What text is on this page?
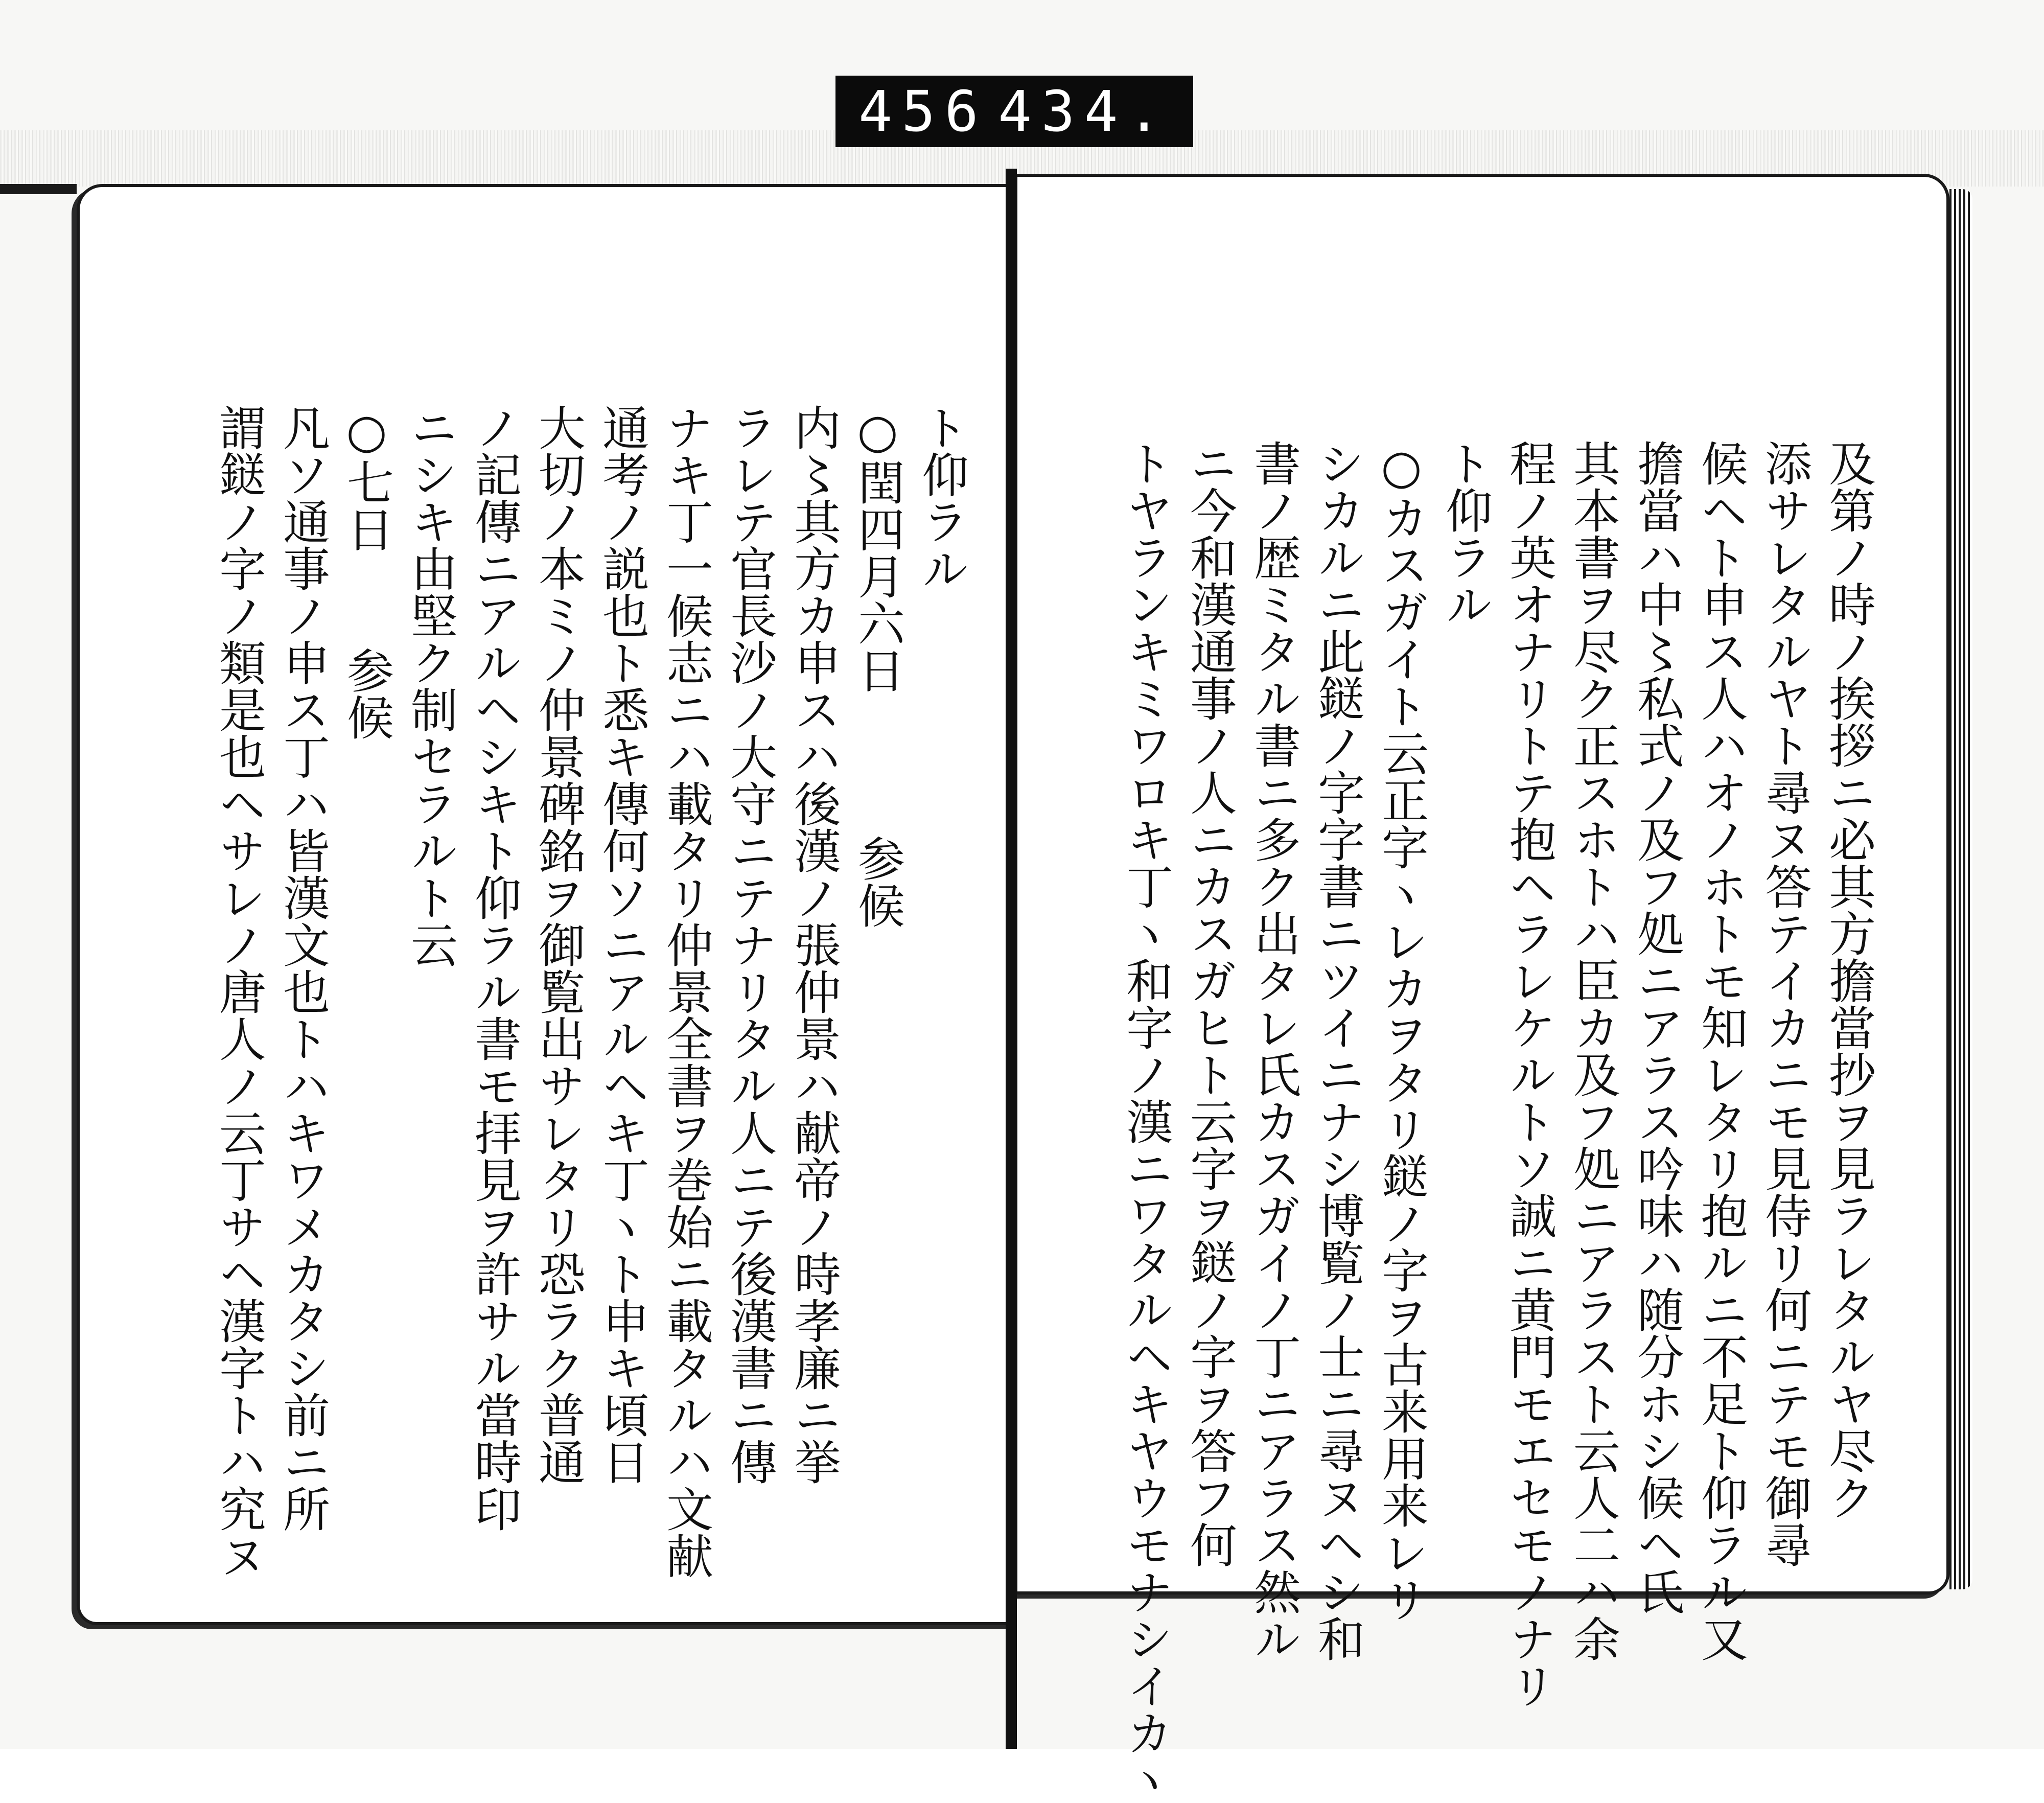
456 434.
及第ノ時ノ挨拶ニ必其方擔當抄ヲ見ラレタルヤ尽ク
添サレタルヤト尋ヌ答テイカニモ見侍リ何ニテモ御尋
候ヘト申ス人ハオノホトモ知レタリ抱ルニ不足ト仰ラル又
擔當ハ中〻私式ノ及フ処ニアラス吟味ハ随分ホシ候ヘ氏
其本書ヲ尽ク正スホトハ臣カ及フ処ニアラスト云人二ハ余
程ノ英オナリトテ抱ヘラレケルトソ誠ニ黄門モエセモノナリ
ト仰ラル
○カスガイト云正字ヽレカヲタリ鎹ノ字ヲ古来用来レリ
シカルニ此鎹ノ字字書ニツイニナシ博覧ノ士ニ尋ヌヘシ和
書ノ歴ミタル書ニ多ク出タレ氏カスガイノ丁ニアラス然ル
ニ今和漢通事ノ人ニカスガヒト云字ヲ鎹ノ字ヲ答フ何
トヤランキミワロキ丁ヽ和字ノ漢ニワタルヘキヤウモナシイカヽ
ト仰ラル
○閏四月六日　　　参候
内〻其方カ申スハ後漢ノ張仲景ハ献帝ノ時孝廉ニ挙
ラレテ官長沙ノ大守ニテナリタル人ニテ後漢書ニ傳
ナキ丁一候志ニハ載タリ仲景全書ヲ巻始ニ載タルハ文献
通考ノ説也ト悉キ傳何ソニアルヘキ丁ヽト申キ頃日
大切ノ本ミノ仲景碑銘ヲ御覧出サレタリ恐ラク普通
ノ記傳ニアルヘシキト仰ラル書モ拝見ヲ許サル當時印
ニシキ由堅ク制セラルト云
○七日　　参候
凡ソ通事ノ申ス丁ハ皆漢文也トハキワメカタシ前ニ所
謂鎹ノ字ノ類是也ヘサレノ唐人ノ云丁サヘ漢字トハ究ヌ
